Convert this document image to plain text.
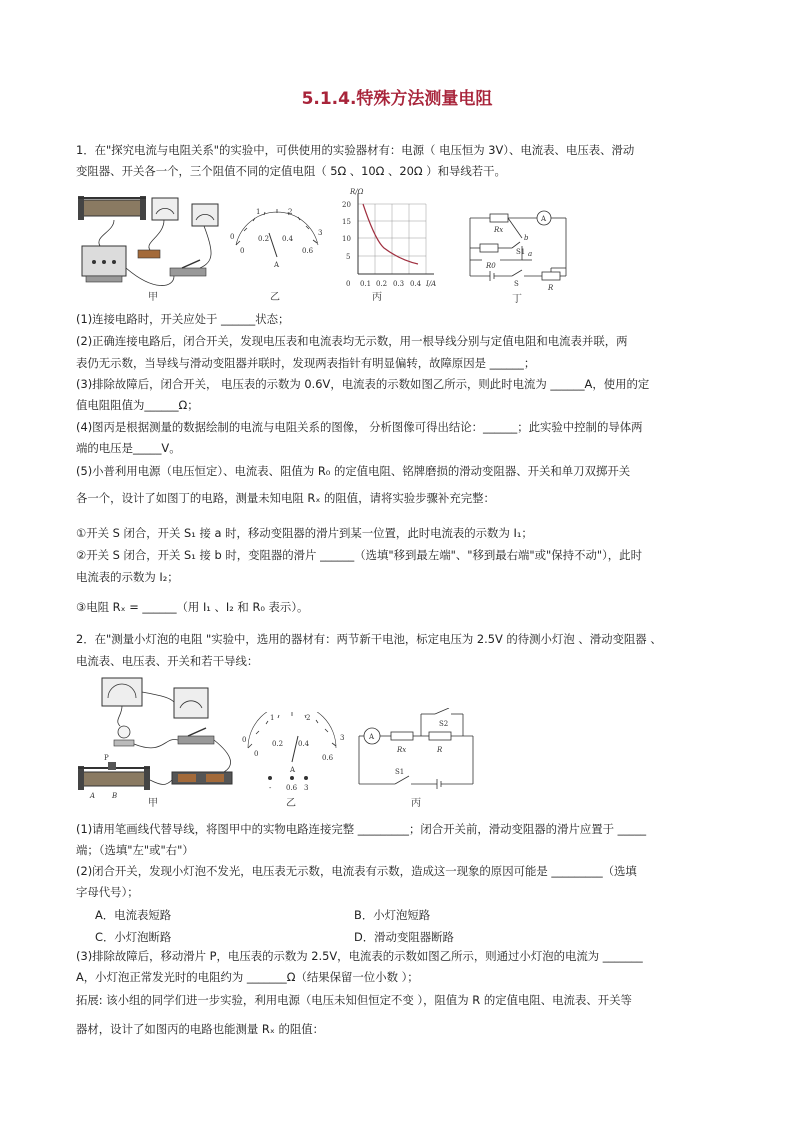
5.1.4.特殊方法测量电阻
1．在"探究电流与电阻关系"的实验中，可供使用的实验器材有：电源（ 电压恒为 3V）、电流表、电压表、滑动
变阻器、开关各一个，三个阻值不同的定值电阻（ 5Ω 、10Ω 、20Ω ）和导线若干。
甲
0
1	2
3
0
0.2 0.4
0.6
A
乙
R/Ω
20
15
10
5
0 0.1 0.2 0.3 0.4 I/A
丙
A
Rx
R0
S1
b
a
S	R
丁
(1)连接电路时，开关应处于 ______状态；
(2)正确连接电路后，闭合开关，发现电压表和电流表均无示数，用一根导线分别与定值电阻和电流表并联，两
表仍无示数，当导线与滑动变阻器并联时，发现两表指针有明显偏转，故障原因是 ______；
(3)排除故障后，闭合开关， 电压表的示数为 0.6V，电流表的示数如图乙所示，则此时电流为 ______A，使用的定
值电阻阻值为______Ω；
(4)图丙是根据测量的数据绘制的电流与电阻关系的图像， 分析图像可得出结论：______；此实验中控制的导体两
端的电压是_____V。
(5)小普利用电源（电压恒定）、电流表、阻值为 R₀ 的定值电阻、铭牌磨损的滑动变阻器、开关和单刀双掷开关
各一个，设计了如图丁的电路，测量未知电阻 Rₓ 的阻值，请将实验步骤补充完整：
①开关 S 闭合，开关 S₁ 接 a 时，移动变阻器的滑片到某一位置，此时电流表的示数为 I₁；
②开关 S 闭合，开关 S₁ 接 b 时，变阻器的滑片 ______（选填"移到最左端"、"移到最右端"或"保持不动"），此时
电流表的示数为 I₂；
③电阻 Rₓ = ______（用 I₁ 、I₂ 和 R₀ 表示）。
2．在"测量小灯泡的电阻 "实验中，选用的器材有：两节新干电池，标定电压为 2.5V 的待测小灯泡 、滑动变阻器 、
电流表、电压表、开关和若干导线：
P
A B
甲
0
1	2
3
0
0.2 0.4
0.6
A
- 0.6 3
乙
A
Rx	R
S2
S1
丙
(1)请用笔画线代替导线，将图甲中的实物电路连接完整 _________；闭合开关前，滑动变阻器的滑片应置于 _____
端；（选填"左"或"右"）
(2)闭合开关，发现小灯泡不发光，电压表无示数，电流表有示数，造成这一现象的原因可能是 _________（选填
字母代号）；
A．电流表短路	B．小灯泡短路
C．小灯泡断路	D．滑动变阻器断路
(3)排除故障后，移动滑片 P，电压表的示数为 2.5V，电流表的示数如图乙所示，则通过小灯泡的电流为 _______
A，小灯泡正常发光时的电阻约为 _______Ω（结果保留一位小数 ）；
拓展: 该小组的同学们进一步实验，利用电源（电压未知但恒定不变 ），阻值为 R 的定值电阻、电流表、开关等
器材，设计了如图丙的电路也能测量 Rₓ 的阻值：
